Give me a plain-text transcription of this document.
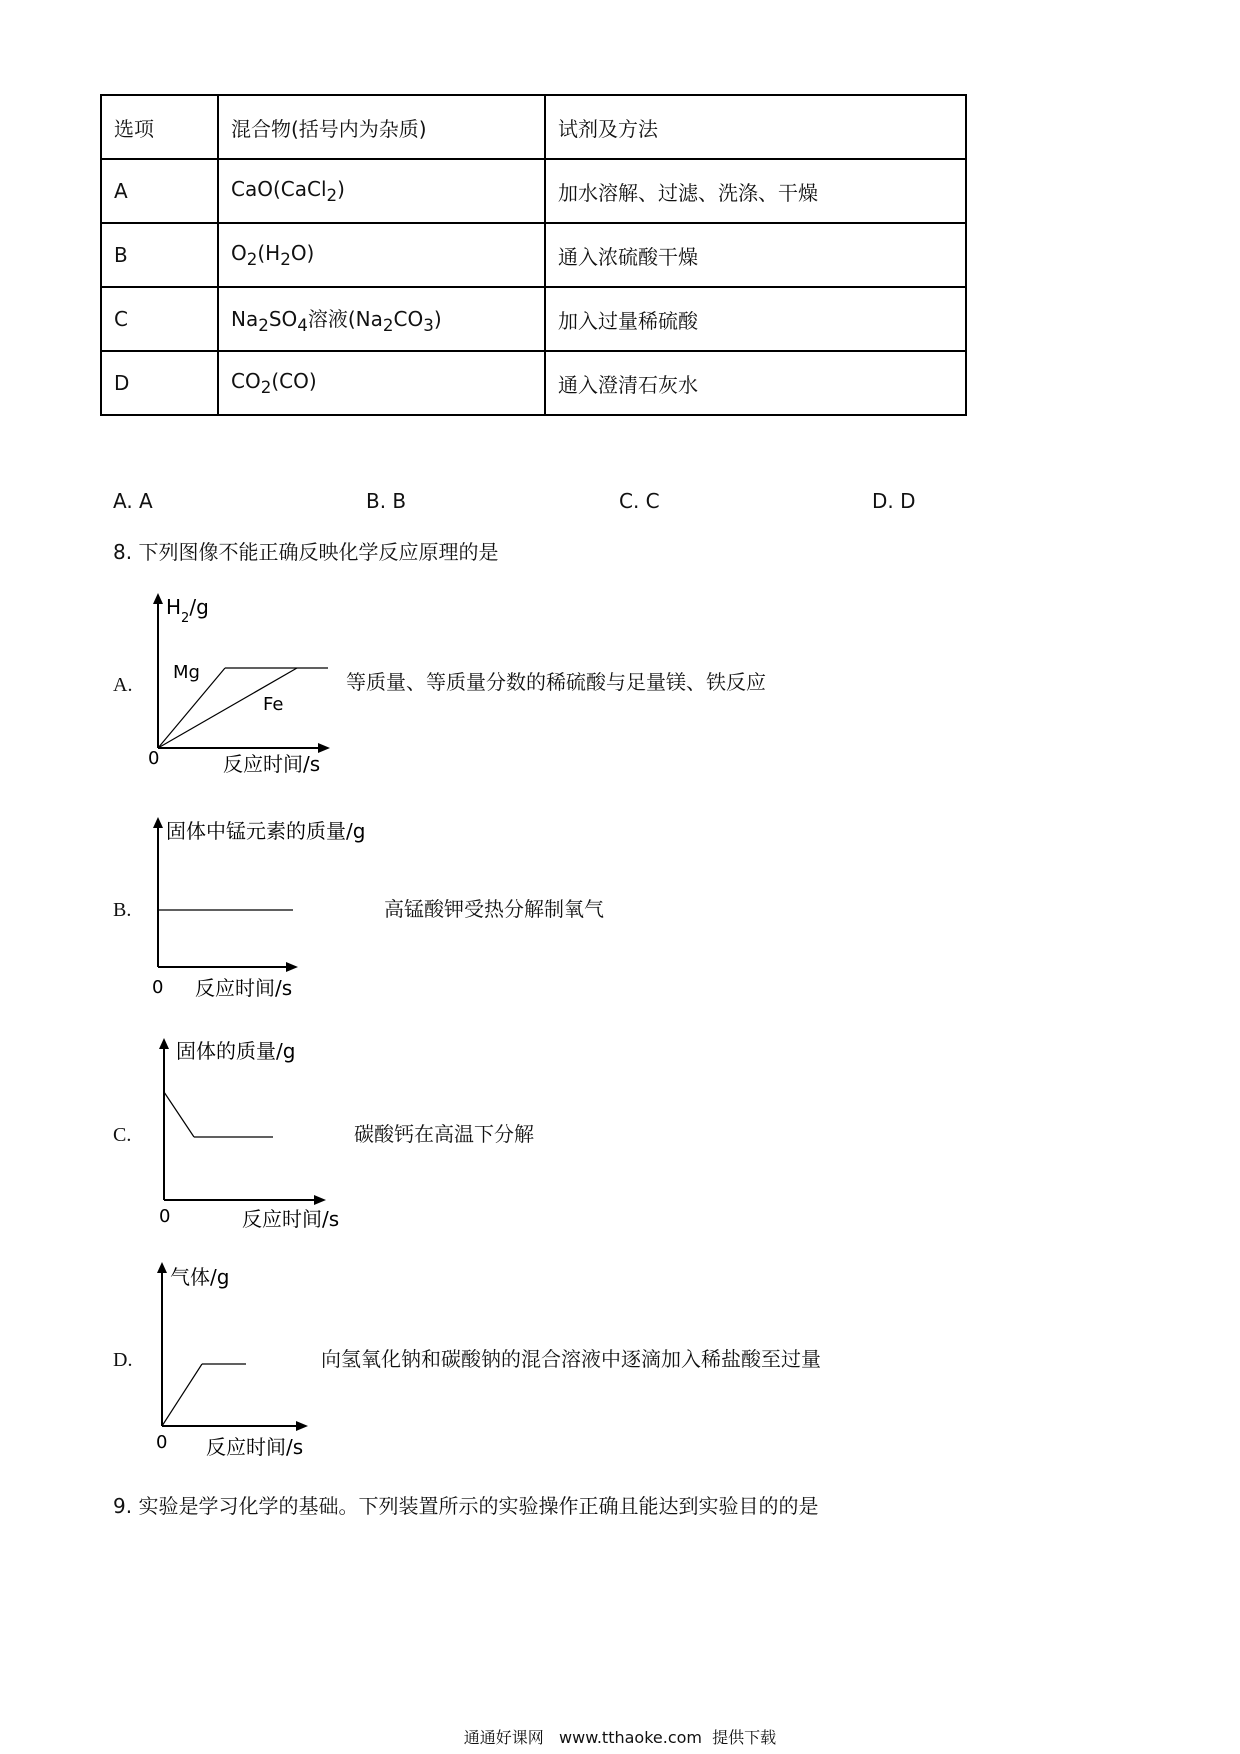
选项	混合物(括号内为杂质)	试剂及方法
A	CaO(CaCl$_2$)	加水溶解、过滤、洗涤、干燥
B	$O_2(H_2O)$	通入浓硫酸干燥
C	$Na_2SO_4$溶液$(Na_2CO_3)$	加入过量稀硫酸
D	$CO_2(CO)$	通入澄清石灰水
A. A	B. B	C. C	D. D
8. 下列图像不能正确反映化学反应原理的是
A.
$H_2/g$
Mg
Fe
0	反应时间/s
等质量、等质量分数的稀硫酸与足量镁、铁反应
B.
固体中锰元素的质量/g
0 反应时间/s
高锰酸钾受热分解制氧气
C.
固体的质量/g
0	反应时间/s
碳酸钙在高温下分解
D.
气体/g
0 反应时间/s
向氢氧化钠和碳酸钠的混合溶液中逐滴加入稀盐酸至过量
9. 实验是学习化学的基础。下列装置所示的实验操作正确且能达到实验目的的是
通通好课网   www.tthaoke.com  提供下载
